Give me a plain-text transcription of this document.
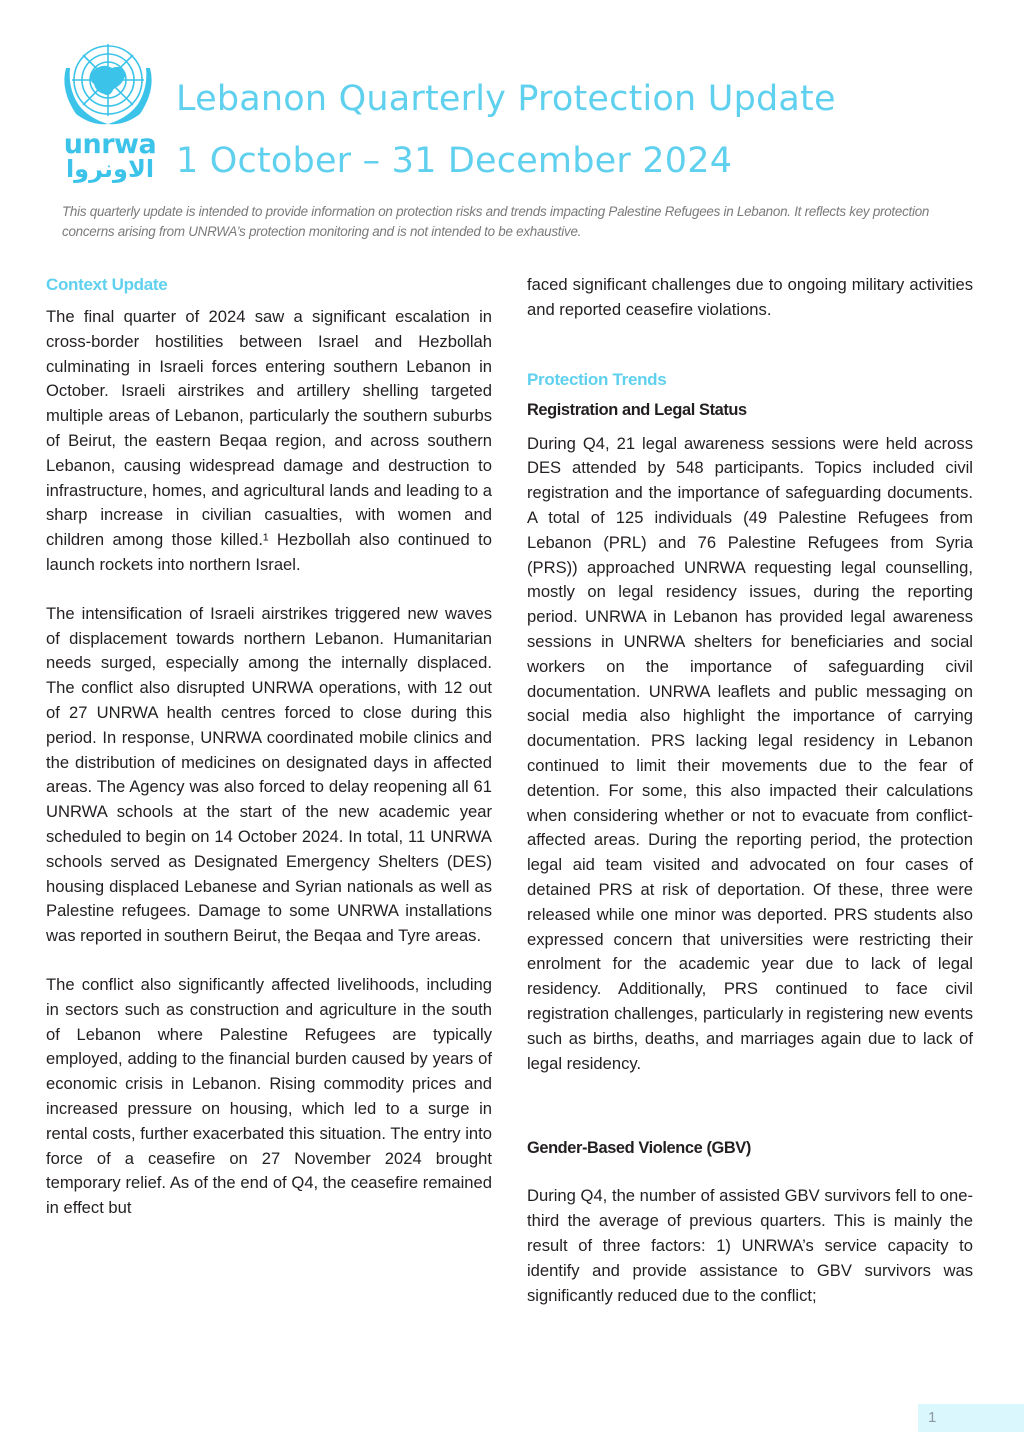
unrwa
الاونروا
Lebanon Quarterly Protection Update
1 October – 31 December 2024

This quarterly update is intended to provide information on protection risks and trends impacting Palestine Refugees in Lebanon. It reflects key protection concerns arising from UNRWA’s protection monitoring and is not intended to be exhaustive.

Context Update

The final quarter of 2024 saw a significant escalation in cross-border hostilities between Israel and Hezbollah culminating in Israeli forces entering southern Lebanon in October. Israeli airstrikes and artillery shelling targeted multiple areas of Lebanon, particularly the southern suburbs of Beirut, the eastern Beqaa region, and across southern Lebanon, causing widespread damage and destruction to infrastructure, homes, and agricultural lands and leading to a sharp increase in civilian casualties, with women and children among those killed.¹ Hezbollah also continued to launch rockets into northern Israel.

The intensification of Israeli airstrikes triggered new waves of displacement towards northern Lebanon. Humanitarian needs surged, especially among the internally displaced. The conflict also disrupted UNRWA operations, with 12 out of 27 UNRWA health centres forced to close during this period. In response, UNRWA coordinated mobile clinics and the distribution of medicines on designated days in affected areas. The Agency was also forced to delay reopening all 61 UNRWA schools at the start of the new academic year scheduled to begin on 14 October 2024. In total, 11 UNRWA schools served as Designated Emergency Shelters (DES) housing displaced Lebanese and Syrian nationals as well as Palestine refugees. Damage to some UNRWA installations was reported in southern Beirut, the Beqaa and Tyre areas.

The conflict also significantly affected livelihoods, including in sectors such as construction and agriculture in the south of Lebanon where Palestine Refugees are typically employed, adding to the financial burden caused by years of economic crisis in Lebanon. Rising commodity prices and increased pressure on housing, which led to a surge in rental costs, further exacerbated this situation. The entry into force of a ceasefire on 27 November 2024 brought temporary relief. As of the end of Q4, the ceasefire remained in effect but

faced significant challenges due to ongoing military activities and reported ceasefire violations.

Protection Trends
Registration and Legal Status

During Q4, 21 legal awareness sessions were held across DES attended by 548 participants. Topics included civil registration and the importance of safeguarding documents. A total of 125 individuals (49 Palestine Refugees from Lebanon (PRL) and 76 Palestine Refugees from Syria (PRS)) approached UNRWA requesting legal counselling, mostly on legal residency issues, during the reporting period. UNRWA in Lebanon has provided legal awareness sessions in UNRWA shelters for beneficiaries and social workers on the importance of safeguarding civil documentation. UNRWA leaflets and public messaging on social media also highlight the importance of carrying documentation. PRS lacking legal residency in Lebanon continued to limit their movements due to the fear of detention. For some, this also impacted their calculations when considering whether or not to evacuate from conflict-affected areas. During the reporting period, the protection legal aid team visited and advocated on four cases of detained PRS at risk of deportation. Of these, three were released while one minor was deported. PRS students also expressed concern that universities were restricting their enrolment for the academic year due to lack of legal residency. Additionally, PRS continued to face civil registration challenges, particularly in registering new events such as births, deaths, and marriages again due to lack of legal residency.

Gender-Based Violence (GBV)

During Q4, the number of assisted GBV survivors fell to one-third the average of previous quarters. This is mainly the result of three factors: 1) UNRWA’s service capacity to identify and provide assistance to GBV survivors was significantly reduced due to the conflict;

1
